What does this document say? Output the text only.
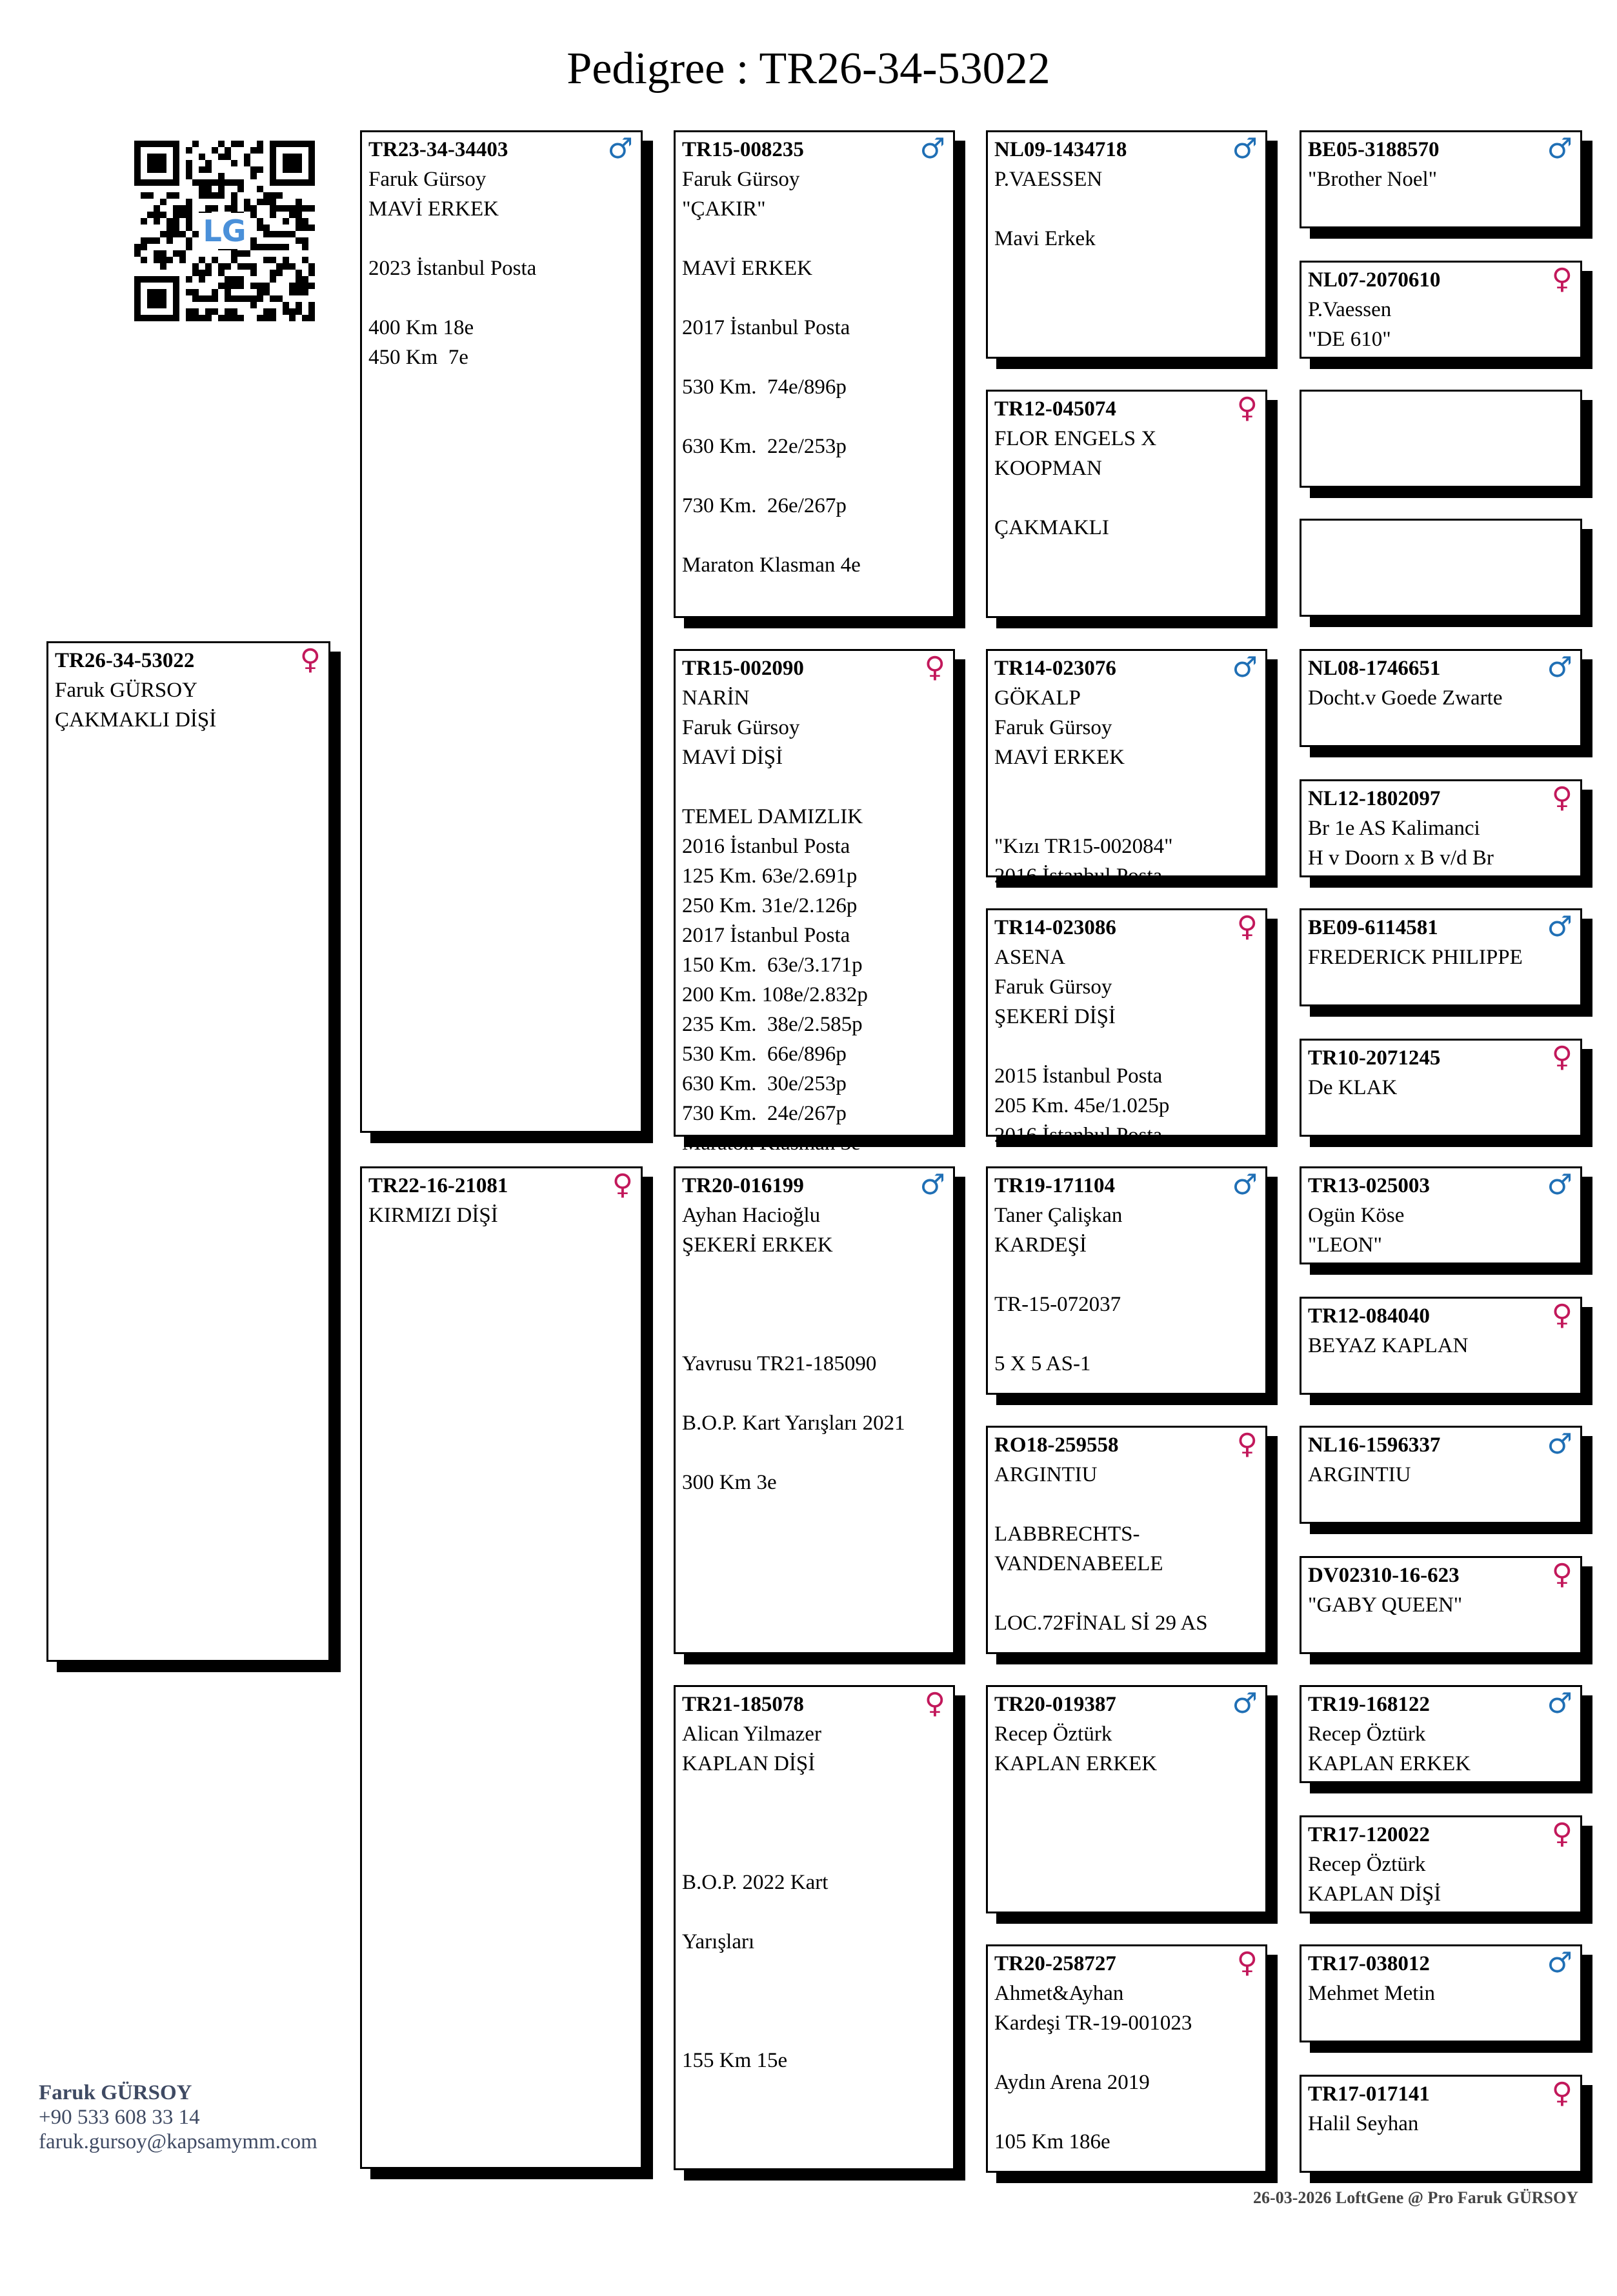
Pedigree : TR26-34-53022
LG
TR26-34-53022	♀
Faruk GÜRSOY
ÇAKMAKLI DİŞİ
TR23-34-34403	♂
Faruk Gürsoy
MAVİ ERKEK
2023 İstanbul Posta
400 Km 18e
450 Km  7e
TR22-16-21081	♀
KIRMIZI DİŞİ
TR15-008235	♂
Faruk Gürsoy
"ÇAKIR"
MAVİ ERKEK
2017 İstanbul Posta
530 Km.  74e/896p
630 Km.  22e/253p
730 Km.  26e/267p
Maraton Klasman 4e
TR15-002090	♀
NARİN
Faruk Gürsoy
MAVİ DİŞİ
TEMEL DAMIZLIK
2016 İstanbul Posta
125 Km. 63e/2.691p
250 Km. 31e/2.126p
2017 İstanbul Posta
150 Km.  63e/3.171p
200 Km. 108e/2.832p
235 Km.  38e/2.585p
530 Km.  66e/896p
630 Km.  30e/253p
730 Km.  24e/267p
Maraton Klasman 3e
TR20-016199	♂
Ayhan Hacioğlu
ŞEKERİ ERKEK
Yavrusu TR21-185090
B.O.P. Kart Yarışları 2021
300 Km 3e
TR21-185078	♀
Alican Yilmazer
KAPLAN DİŞİ
B.O.P. 2022 Kart
Yarışları
155 Km 15e
NL09-1434718	♂
P.VAESSEN
Mavi Erkek
TR12-045074	♀
FLOR ENGELS X
KOOPMAN
ÇAKMAKLI
TR14-023076	♂
GÖKALP
Faruk Gürsoy
MAVİ ERKEK
"Kızı TR15-002084"
2016 İstanbul Posta
TR14-023086	♀
ASENA
Faruk Gürsoy
ŞEKERİ DİŞİ
2015 İstanbul Posta
205 Km. 45e/1.025p
2016 İstanbul Posta
TR19-171104	♂
Taner Çalişkan
KARDEŞİ
TR-15-072037
5 X 5 AS-1
RO18-259558	♀
ARGINTIU
LABBRECHTS-
VANDENABEELE
LOC.72FİNAL Sİ 29 AS
TR20-019387	♂
Recep Öztürk
KAPLAN ERKEK
TR20-258727	♀
Ahmet&Ayhan
Kardeşi TR-19-001023
Aydın Arena 2019
105 Km 186e
BE05-3188570	♂
"Brother Noel"
NL07-2070610	♀
P.Vaessen
"DE 610"
NL08-1746651	♂
Docht.v Goede Zwarte
NL12-1802097	♀
Br 1e AS Kalimanci
H v Doorn x B v/d Br
BE09-6114581	♂
FREDERICK PHILIPPE
TR10-2071245	♀
De KLAK
TR13-025003	♂
Ogün Köse
"LEON"
TR12-084040	♀
BEYAZ KAPLAN
NL16-1596337	♂
ARGINTIU
DV02310-16-623	♀
"GABY QUEEN"
TR19-168122	♂
Recep Öztürk
KAPLAN ERKEK
TR17-120022	♀
Recep Öztürk
KAPLAN DİŞİ
TR17-038012	♂
Mehmet Metin
TR17-017141	♀
Halil Seyhan
Faruk GÜRSOY
+90 533 608 33 14
faruk.gursoy@kapsamymm.com
26-03-2026 LoftGene @ Pro Faruk GÜRSOY
